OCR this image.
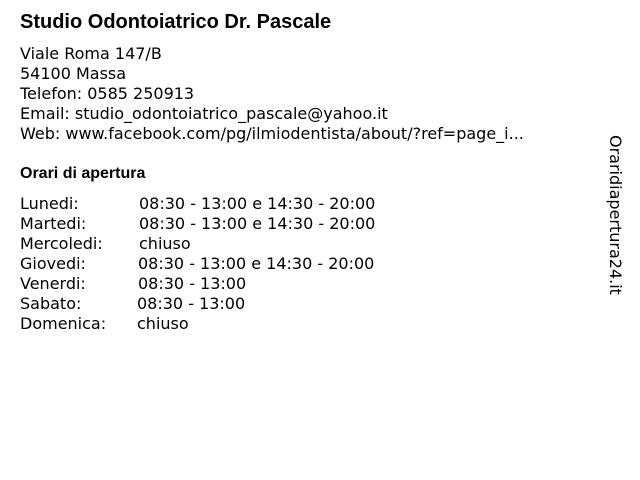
Studio Odontoiatrico Dr. Pascale
Viale Roma 147/B
54100 Massa
Telefon: 0585 250913
Email: studio_odontoiatrico_pascale@yahoo.it
Web: www.facebook.com/pg/ilmiodentista/about/?ref=page_i...
Orari di apertura
Lunedi:	08:30 - 13:00 e 14:30 - 20:00
Martedi:	08:30 - 13:00 e 14:30 - 20:00
Mercoledi: chiuso
Giovedi:	08:30 - 13:00 e 14:30 - 20:00
Venerdi:	08:30 - 13:00
Sabato:	08:30 - 13:00
Domenica: chiuso
Oraridiapertura24.it
